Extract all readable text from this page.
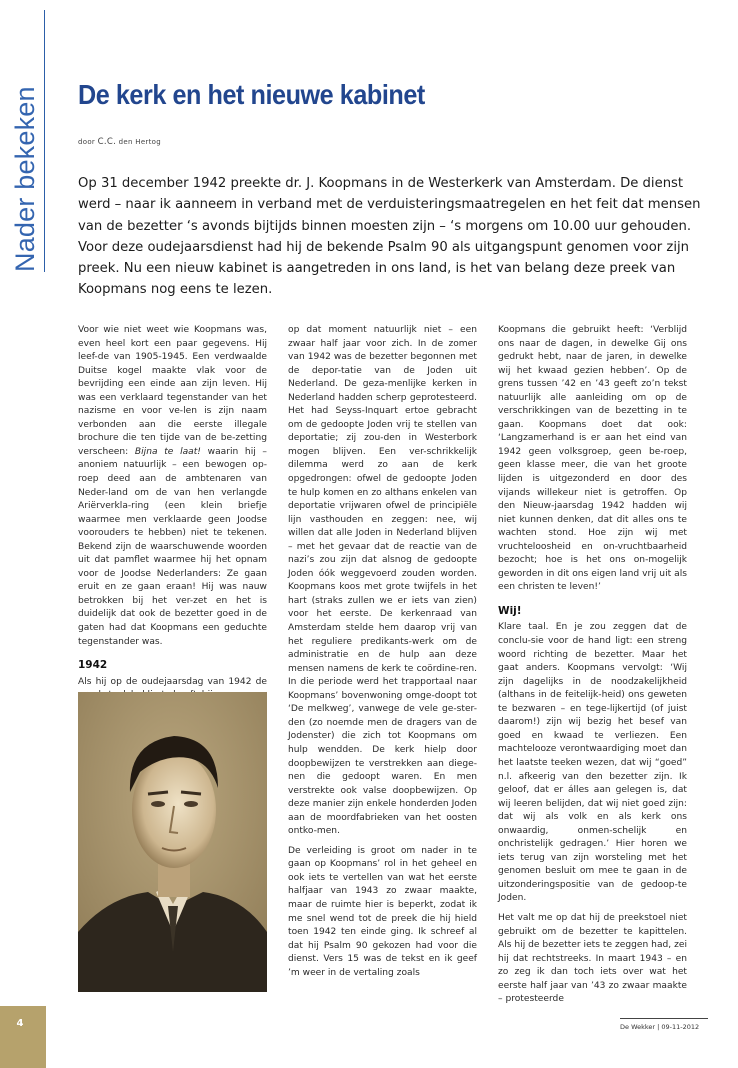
Nader bekeken De kerk en het nieuwe kabinet
door C.C. den Hertog

Op 31 december 1942 preekte dr. J. Koopmans in de Westerkerk van Amsterdam. De dienst werd – naar ik aanneem in verband met de verduisteringsmaatregelen en het feit dat mensen van de bezetter ‘s avonds bijtijds binnen moesten zijn – ‘s morgens om 10.00 uur gehouden. Voor deze oudejaarsdienst had hij de bekende Psalm 90 als uitgangspunt genomen voor zijn preek. Nu een nieuw kabinet is aangetreden in ons land, is het van belang deze preek van Koopmans nog eens te lezen.

Voor wie niet weet wie Koopmans was, even heel kort een paar gegevens. Hij leef-de van 1905-1945. Een verdwaalde Duitse kogel maakte vlak voor de bevrijding een einde aan zijn leven. Hij was een verklaard tegenstander van het nazisme en voor ve-len is zijn naam verbonden aan die eerste illegale brochure die ten tijde van de be-zetting verscheen: Bijna te laat! waarin hij – anoniem natuurlijk – een bewogen op-roep deed aan de ambtenaren van Neder-land om de van hen verlangde Ariërverkla-ring (een klein briefje waarmee men verklaarde geen Joodse voorouders te hebben) niet te tekenen. Bekend zijn de waarschuwende woorden uit dat pamflet waarmee hij het opnam voor de Joodse Nederlanders: Ze gaan eruit en ze gaan eraan! Hij was nauw betrokken bij het ver-zet en het is duidelijk dat ook de bezetter goed in de gaten had dat Koopmans een geduchte tegenstander was.

1942

Als hij op de oudejaarsdag van 1942 de

op dat moment natuurlijk niet – een zwaar half jaar voor zich. In de zomer van 1942 was de bezetter begonnen met de depor-tatie van de Joden uit Nederland. De geza-menlijke kerken in Nederland hadden scherp geprotesteerd. Het had Seyss-Inquart ertoe gebracht om de gedoopte Joden vrij te stellen van deportatie; zij zou-den in Westerbork mogen blijven. Een ver-schrikkelijk dilemma werd zo aan de kerk opgedrongen: ofwel de gedoopte Joden te hulp komen en zo althans enkelen van deportatie vrijwaren ofwel de principiële lijn vasthouden en zeggen: nee, wij willen dat alle Joden in Nederland blijven – met het gevaar dat de reactie van de nazi’s zou zijn dat alsnog de gedoopte Joden óók weggevoerd zouden worden. Koopmans koos met grote twijfels in het hart (straks zullen we er iets van zien) voor het eerste. De kerkenraad van Amsterdam stelde hem daarop vrij van het reguliere predikants-werk om de administratie en de hulp aan deze mensen namens de kerk te coördine-ren. In die periode werd het trapportaal naar Koopmans’ bovenwoning omge-doopt tot ‘De melkweg’, vanwege de vele ge-ster-den (zo noemde men de dragers van de Jodenster) die zich tot Koopmans om hulp wendden. De kerk hielp door doopbewijzen te verstrekken aan diege-nen die gedoopt waren. En men verstrekte ook valse doopbewijzen. Op deze manier zijn enkele honderden Joden aan de moordfabrieken van het oosten ontko-men.

De verleiding is groot om nader in te gaan op Koopmans’ rol in het geheel en ook iets te vertellen van wat het eerste halfjaar van 1943 zo zwaar maakte, maar de ruimte hier is beperkt, zodat ik me snel wend tot de preek die hij hield toen 1942 ten einde ging. Ik schreef al dat hij Psalm 90 gekozen had voor die dienst. Vers 15 was de tekst en ik geef ’m weer in de vertaling zoals

Koopmans die gebruikt heeft: ‘Verblijd ons naar de dagen, in dewelke Gij ons gedrukt hebt, naar de jaren, in dewelke wij het kwaad gezien hebben’. Op de grens tussen ’42 en ’43 geeft zo’n tekst natuurlijk alle aanleiding om op de verschrikkingen van de bezetting in te gaan. Koopmans doet dat ook: ‘Langzamerhand is er aan het eind van 1942 geen volksgroep, geen be-roep, geen klasse meer, die van het groote lijden is uitgezonderd en door des vijands willekeur niet is getroffen. Op den Nieuw-jaarsdag 1942 hadden wij niet kunnen denken, dat dit alles ons te wachten stond. Hoe zijn wij met vruchteloosheid en on-vruchtbaarheid bezocht; hoe is het ons on-mogelijk geworden in dit ons eigen land vrij uit als een christen te leven!’

Wij!

Klare taal. En je zou zeggen dat de conclu-sie voor de hand ligt: een streng woord richting de bezetter. Maar het gaat anders. Koopmans vervolgt: ‘Wij zijn dagelijks in de noodzakelijkheid (althans in de feitelijk-heid) ons geweten te bezwaren – en tege-lijkertijd (of juist daarom!) zijn wij bezig het besef van goed en kwaad te verliezen. Een machteloozе verontwaardiging moet dan het laatste teeken wezen, dat wij “goed” n.l. afkeerig van den bezetter zijn. Ik geloof, dat er álles aan gelegen is, dat wij leeren belijden, dat wij niet goed zijn: dat wij als volk en als kerk ons onwaardig, onmen-schelijk en onchristelijk gedragen.’ Hier horen we iets terug van zijn worsteling met het genomen besluit om mee te gaan in de uitzonderingspositie van de gedoop-te Joden.

Het valt me op dat hij de preekstoel niet gebruikt om de bezetter te kapittelen. Als hij de bezetter iets te zeggen had, zei hij dat rechtstreeks. In maart 1943 – en zo zeg ik dan toch iets over wat het eerste half jaar van ’43 zo zwaar maakte – protesteerde

4	De Wekker | 09-11-2012
